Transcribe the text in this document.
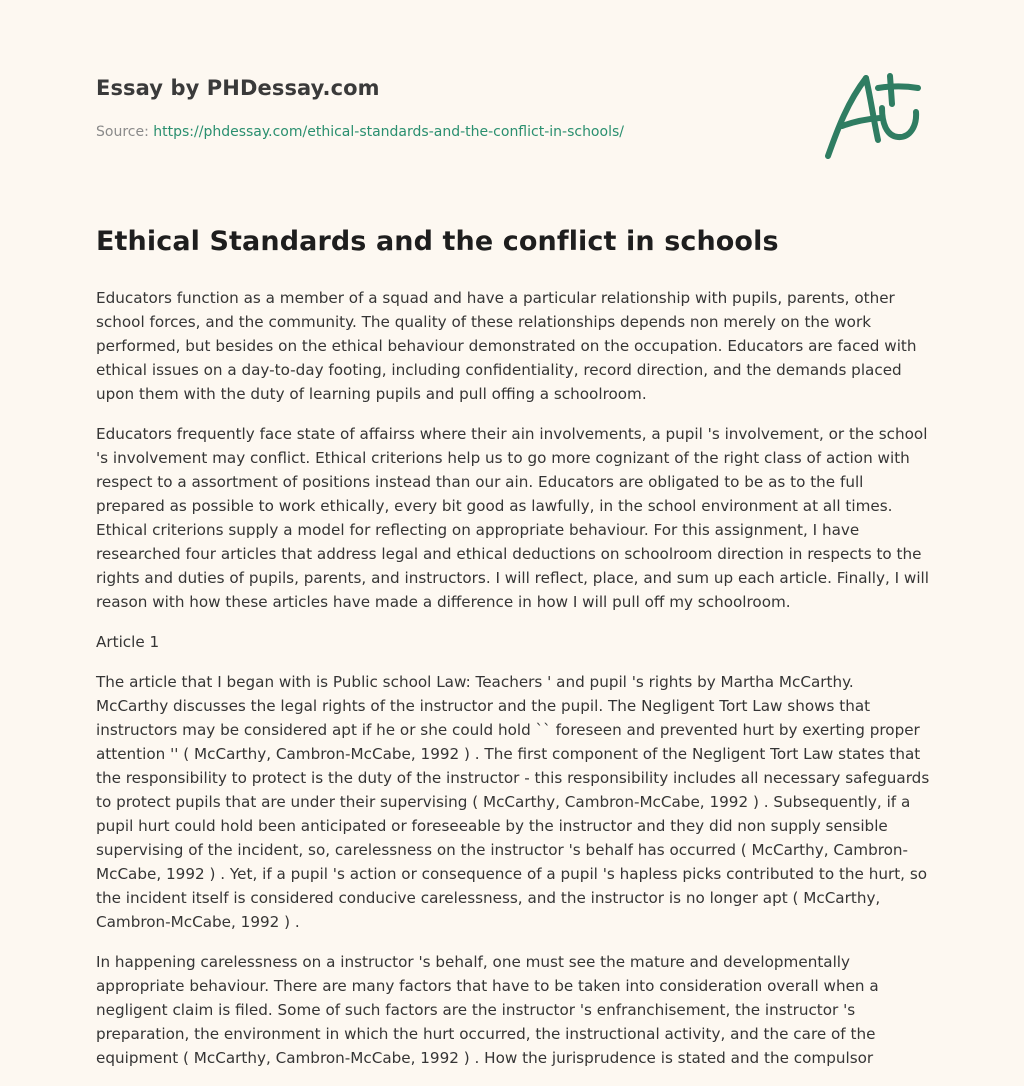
Essay by PHDessay.com

Source: https://phdessay.com/ethical-standards-and-the-conflict-in-schools/

Ethical Standards and the conflict in schools

Educators function as a member of a squad and have a particular relationship with pupils, parents, other school forces, and the community. The quality of these relationships depends non merely on the work performed, but besides on the ethical behaviour demonstrated on the occupation. Educators are faced with ethical issues on a day-to-day footing, including confidentiality, record direction, and the demands placed upon them with the duty of learning pupils and pull offing a schoolroom.

Educators frequently face state of affairss where their ain involvements, a pupil 's involvement, or the school 's involvement may conflict. Ethical criterions help us to go more cognizant of the right class of action with respect to a assortment of positions instead than our ain. Educators are obligated to be as to the full prepared as possible to work ethically, every bit good as lawfully, in the school environment at all times. Ethical criterions supply a model for reflecting on appropriate behaviour. For this assignment, I have researched four articles that address legal and ethical deductions on schoolroom direction in respects to the rights and duties of pupils, parents, and instructors. I will reflect, place, and sum up each article. Finally, I will reason with how these articles have made a difference in how I will pull off my schoolroom.

Article 1

The article that I began with is Public school Law: Teachers ' and pupil 's rights by Martha McCarthy. McCarthy discusses the legal rights of the instructor and the pupil. The Negligent Tort Law shows that instructors may be considered apt if he or she could hold `` foreseen and prevented hurt by exerting proper attention '' ( McCarthy, Cambron-McCabe, 1992 ) . The first component of the Negligent Tort Law states that the responsibility to protect is the duty of the instructor - this responsibility includes all necessary safeguards to protect pupils that are under their supervising ( McCarthy, Cambron-McCabe, 1992 ) . Subsequently, if a pupil hurt could hold been anticipated or foreseeable by the instructor and they did non supply sensible supervising of the incident, so, carelessness on the instructor 's behalf has occurred ( McCarthy, Cambron-McCabe, 1992 ) . Yet, if a pupil 's action or consequence of a pupil 's hapless picks contributed to the hurt, so the incident itself is considered conducive carelessness, and the instructor is no longer apt ( McCarthy, Cambron-McCabe, 1992 ) .

In happening carelessness on a instructor 's behalf, one must see the mature and developmentally appropriate behaviour. There are many factors that have to be taken into consideration overall when a negligent claim is filed. Some of such factors are the instructor 's enfranchisement, the instructor 's preparation, the environment in which the hurt occurred, the instructional activity, and the care of the equipment ( McCarthy, Cambron-McCabe, 1992 ) . How the jurisprudence is stated and the compulsor
